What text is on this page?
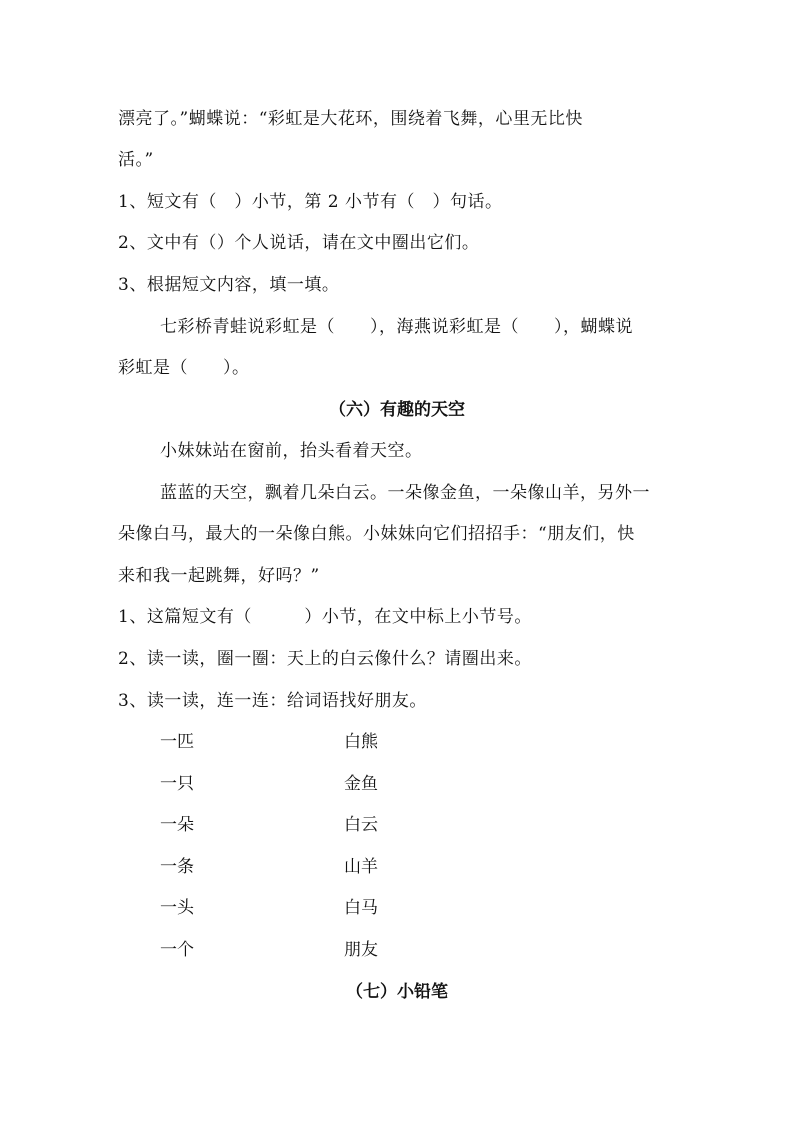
漂亮了。”蝴蝶说：“彩虹是大花环，围绕着飞舞，心里无比快
活。”
1、短文有（　）小节，第 2 小节有（　）句话。
2、文中有（）个人说话，请在文中圈出它们。
3、根据短文内容，填一填。
七彩桥青蛙说彩虹是（　　），海燕说彩虹是（　　），蝴蝶说
彩虹是（　　）。
（六）有趣的天空
小妹妹站在窗前，抬头看着天空。
蓝蓝的天空，飘着几朵白云。一朵像金鱼，一朵像山羊，另外一
朵像白马，最大的一朵像白熊。小妹妹向它们招招手：“朋友们，快
来和我一起跳舞，好吗？”
1、这篇短文有（　　　）小节，在文中标上小节号。
2、读一读，圈一圈：天上的白云像什么？请圈出来。
3、读一读，连一连：给词语找好朋友。
一匹	白熊
一只	金鱼
一朵	白云
一条	山羊
一头	白马
一个	朋友
（七）小铅笔
